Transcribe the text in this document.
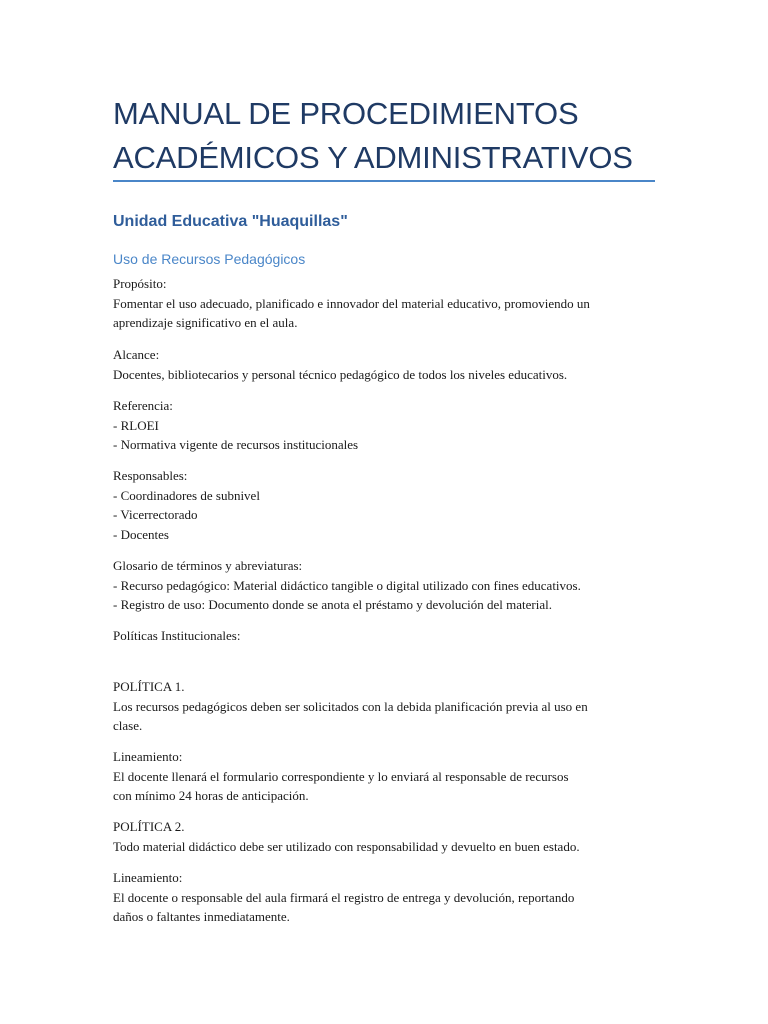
MANUAL DE PROCEDIMIENTOS
ACADÉMICOS Y ADMINISTRATIVOS
Unidad Educativa "Huaquillas"
Uso de Recursos Pedagógicos

Propósito:
Fomentar el uso adecuado, planificado e innovador del material educativo, promoviendo un
aprendizaje significativo en el aula.

Alcance:
Docentes, bibliotecarios y personal técnico pedagógico de todos los niveles educativos.

Referencia:
- RLOEI
- Normativa vigente de recursos institucionales

Responsables:
- Coordinadores de subnivel
- Vicerrectorado
- Docentes

Glosario de términos y abreviaturas:
- Recurso pedagógico: Material didáctico tangible o digital utilizado con fines educativos.
- Registro de uso: Documento donde se anota el préstamo y devolución del material.

Políticas Institucionales:

POLÍTICA 1.
Los recursos pedagógicos deben ser solicitados con la debida planificación previa al uso en
clase.

Lineamiento:
El docente llenará el formulario correspondiente y lo enviará al responsable de recursos
con mínimo 24 horas de anticipación.

POLÍTICA 2.
Todo material didáctico debe ser utilizado con responsabilidad y devuelto en buen estado.

Lineamiento:
El docente o responsable del aula firmará el registro de entrega y devolución, reportando
daños o faltantes inmediatamente.
